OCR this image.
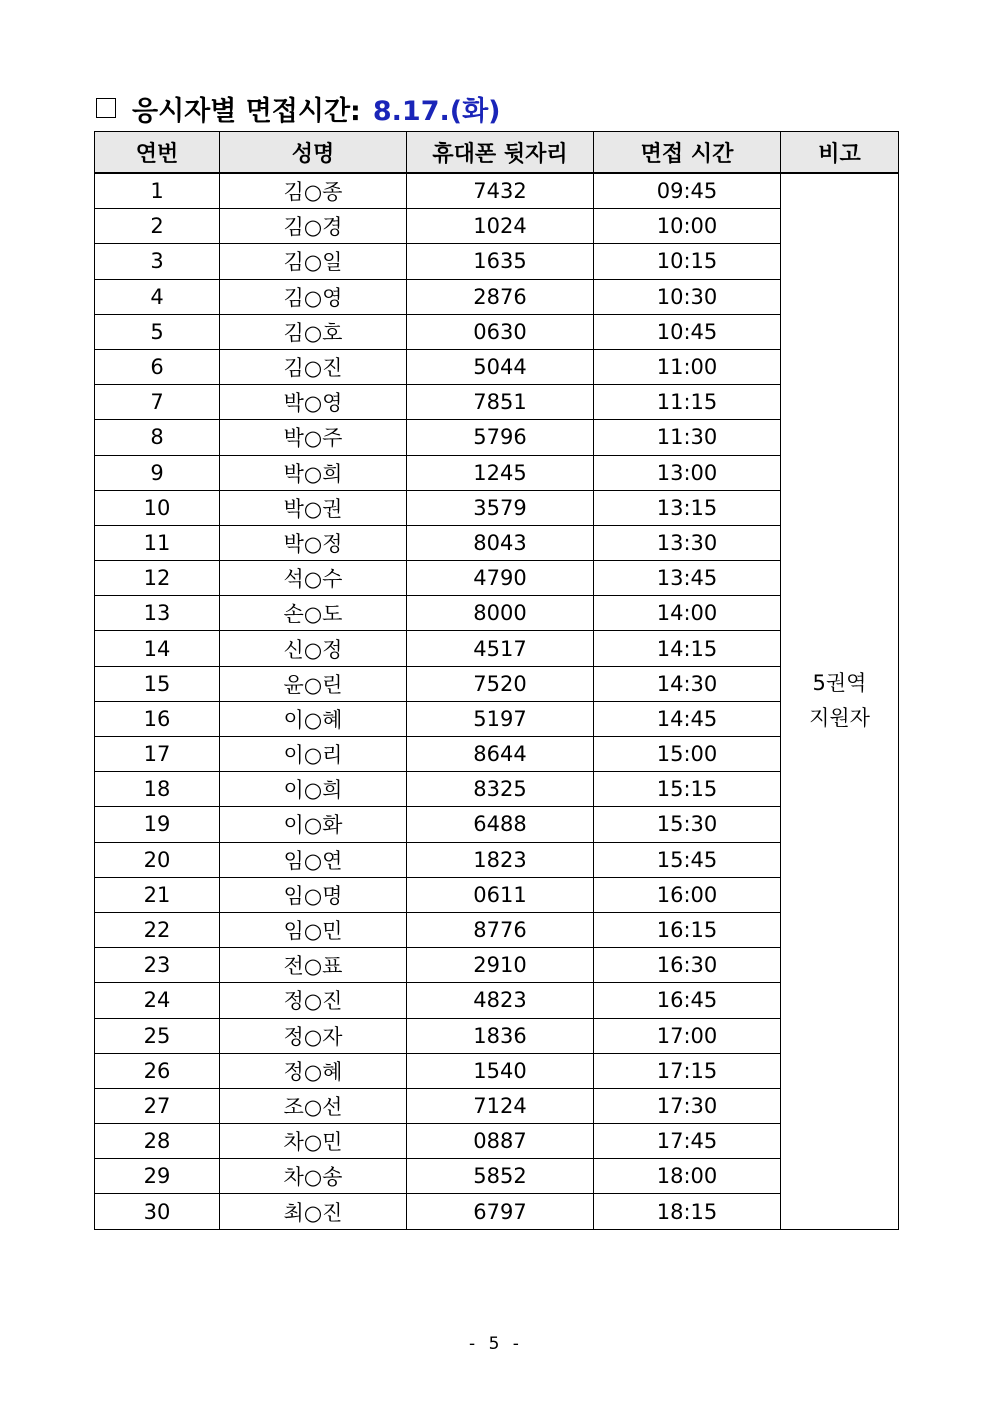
응시자별 면접시간: 8.17.(화)
연번	성명	휴대폰 뒷자리	면접 시간	비고
1	김○종	7432	09:45	5권역
지원자

2	김○경	1024	10:00	
3	김○일	1635	10:15	
4	김○영	2876	10:30	
5	김○호	0630	10:45	
6	김○진	5044	11:00	
7	박○영	7851	11:15	
8	박○주	5796	11:30	
9	박○희	1245	13:00	
10	박○권	3579	13:15	
11	박○정	8043	13:30	
12	석○수	4790	13:45	
13	손○도	8000	14:00	
14	신○정	4517	14:15	
15	윤○린	7520	14:30	
16	이○혜	5197	14:45	
17	이○리	8644	15:00	
18	이○희	8325	15:15	
19	이○화	6488	15:30	
20	임○연	1823	15:45	
21	임○명	0611	16:00	
22	임○민	8776	16:15	
23	전○표	2910	16:30	
24	정○진	4823	16:45	
25	정○자	1836	17:00	
26	정○혜	1540	17:15	
27	조○선	7124	17:30	
28	차○민	0887	17:45	
29	차○송	5852	18:00	
30	최○진	6797	18:15	
- 5 -
